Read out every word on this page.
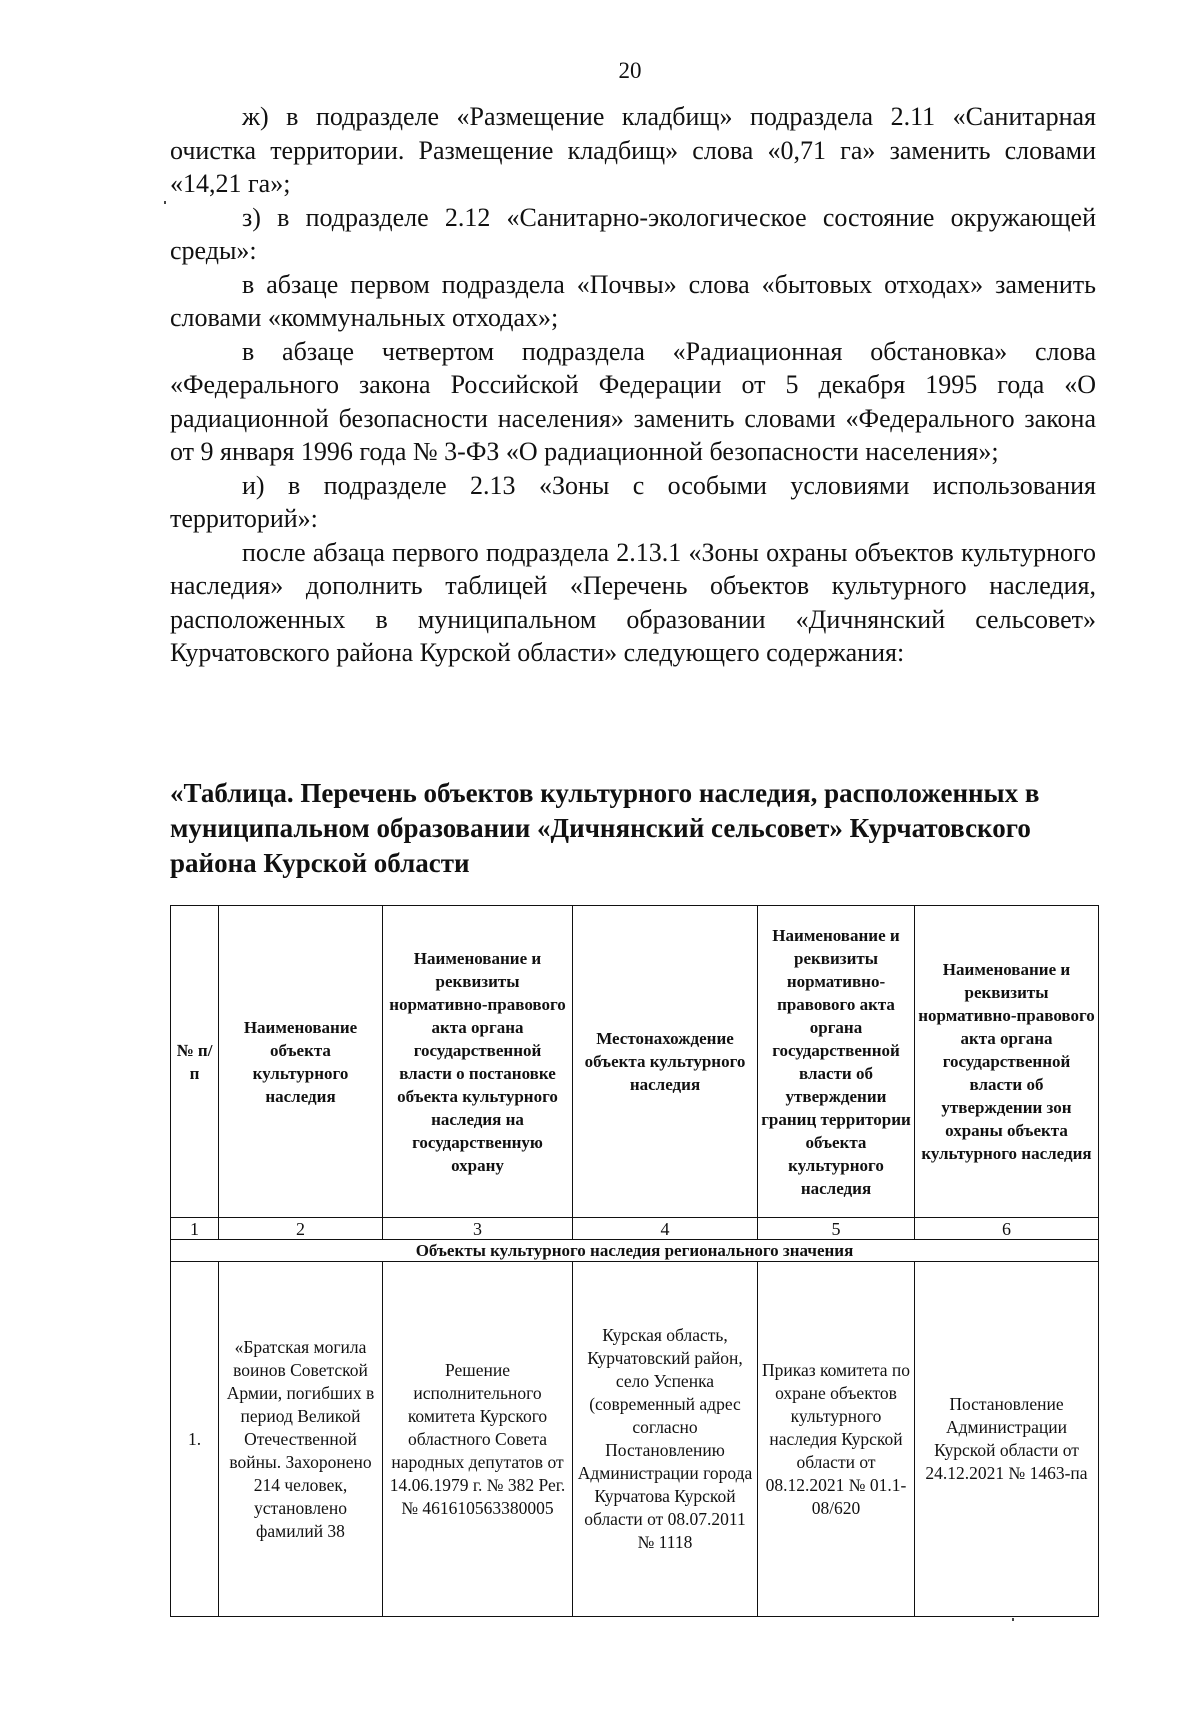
20

ж) в подразделе «Размещение кладбищ» подраздела 2.11 «Санитарная очистка территории. Размещение кладбищ» слова «0,71 га» заменить словами «14,21 га»;

з) в подразделе 2.12 «Санитарно-экологическое состояние окружающей среды»:

в абзаце первом подраздела «Почвы» слова «бытовых отходах» заменить словами «коммунальных отходах»;

в абзаце четвертом подраздела «Радиационная обстановка» слова «Федерального закона Российской Федерации от 5 декабря 1995 года «О радиационной безопасности населения» заменить словами «Федерального закона от 9 января 1996 года № 3-ФЗ «О радиационной безопасности населения»;

и) в подразделе 2.13 «Зоны с особыми условиями использования территорий»:

после абзаца первого подраздела 2.13.1 «Зоны охраны объектов культурного наследия» дополнить таблицей «Перечень объектов культурного наследия, расположенных в муниципальном образовании «Дичнянский сельсовет» Курчатовского района Курской области» следующего содержания:

«Таблица. Перечень объектов культурного наследия, расположенных в муниципальном образовании «Дичнянский сельсовет» Курчатовского района Курской области
№ п/п	Наименование объекта культурного наследия	Наименование и реквизиты нормативно-правового акта органа государственной власти о постановке объекта культурного наследия на государственную охрану	Местонахождение объекта культурного наследия	Наименование и реквизиты нормативно-правового акта органа государственной власти об утверждении границ территории объекта культурного наследия	Наименование и реквизиты нормативно-правового акта органа государственной власти об утверждении зон охраны объекта культурного наследия
1	2	3	4	5	6
Объекты культурного наследия регионального значения					
1.	«Братская могила воинов Советской Армии, погибших в период Великой Отечественной войны. Захоронено 214 человек, установлено фамилий 38	Решение исполнительного комитета Курского областного Совета народных депутатов от 14.06.1979 г. № 382 Рег. № 461610563380005	Курская область, Курчатовский район, село Успенка (современный адрес согласно Постановлению Администрации города Курчатова Курской области от 08.07.2011 № 1118	Приказ комитета по охране объектов культурного наследия Курской области от 08.12.2021 № 01.1-08/620	Постановление Администрации Курской области от 24.12.2021 № 1463-па
